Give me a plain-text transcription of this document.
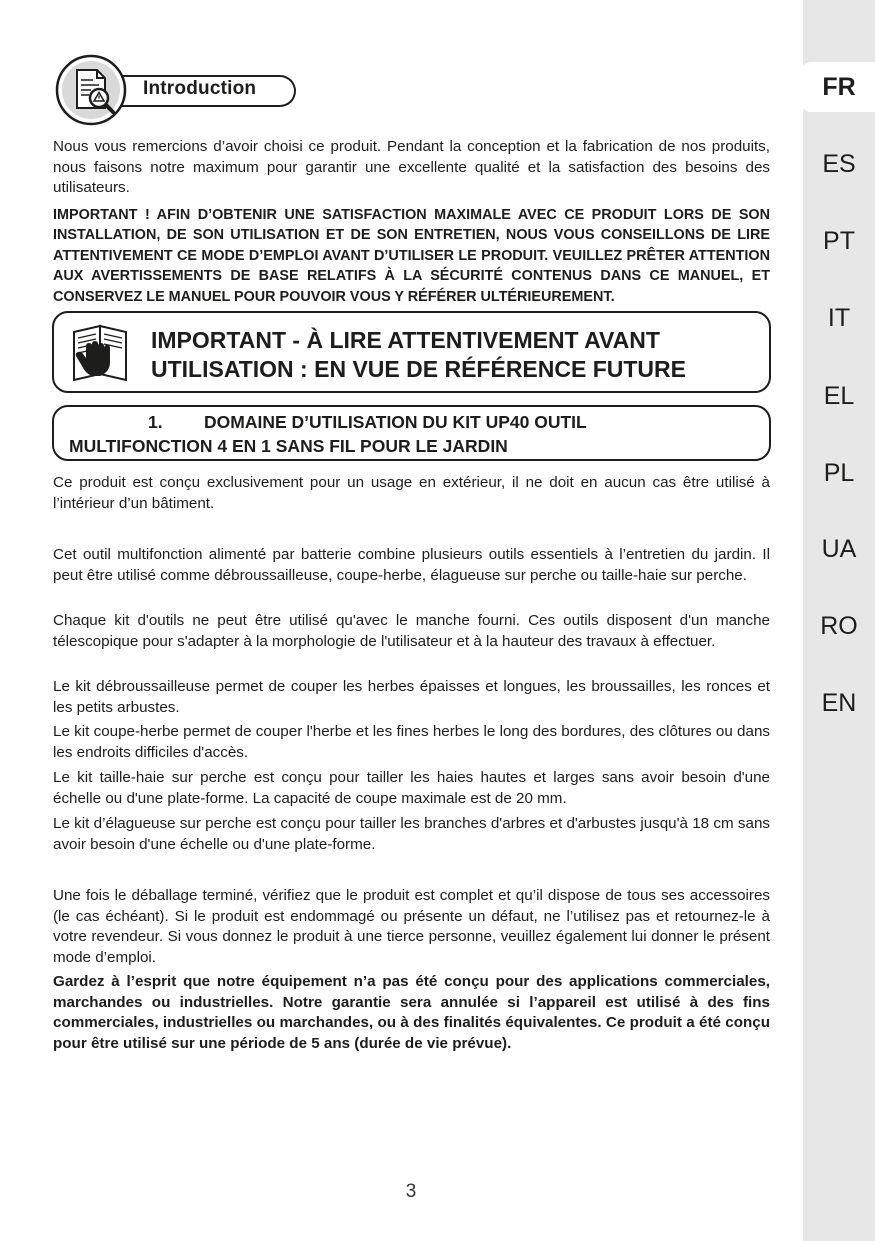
FR
ES
PT
IT
EL
PL
UA
RO
EN
Introduction

Nous vous remercions d’avoir choisi ce produit. Pendant la conception et la fabrication de nos produits, nous faisons notre maximum pour garantir une excellente qualité et la satisfaction des besoins des utilisateurs.

IMPORTANT ! AFIN D’OBTENIR UNE SATISFACTION MAXIMALE AVEC CE PRODUIT LORS DE SON INSTALLATION, DE SON UTILISATION ET DE SON ENTRETIEN, NOUS VOUS CONSEILLONS DE LIRE ATTENTIVEMENT CE MODE D’EMPLOI AVANT D’UTILISER LE PRODUIT. VEUILLEZ PRÊTER ATTENTION AUX AVERTISSEMENTS DE BASE RELATIFS À LA SÉCURITÉ CONTENUS DANS CE MANUEL, ET CONSERVEZ LE MANUEL POUR POUVOIR VOUS Y RÉFÉRER ULTÉRIEUREMENT.

IMPORTANT - À LIRE ATTENTIVEMENT AVANT
UTILISATION : EN VUE DE RÉFÉRENCE FUTURE
1. DOMAINE D’UTILISATION DU KIT UP40 OUTIL
MULTIFONCTION 4 EN 1 SANS FIL POUR LE JARDIN

Ce produit est conçu exclusivement pour un usage en extérieur, il ne doit en aucun cas être utilisé à l’intérieur d’un bâtiment.

Cet outil multifonction alimenté par batterie combine plusieurs outils essentiels à l’entretien du jardin. Il peut être utilisé comme débroussailleuse, coupe-herbe, élagueuse sur perche ou taille-haie sur perche.

Chaque kit d'outils ne peut être utilisé qu'avec le manche fourni. Ces outils disposent d'un manche télescopique pour s'adapter à la morphologie de l'utilisateur et à la hauteur des travaux à effectuer.

Le kit débroussailleuse permet de couper les herbes épaisses et longues, les broussailles, les ronces et les petits arbustes.

Le kit coupe-herbe permet de couper l'herbe et les fines herbes le long des bordures, des clôtures ou dans les endroits difficiles d'accès.

Le kit taille-haie sur perche est conçu pour tailler les haies hautes et larges sans avoir besoin d'une échelle ou d'une plate-forme. La capacité de coupe maximale est de 20 mm.

Le kit d’élagueuse sur perche est conçu pour tailler les branches d'arbres et d'arbustes jusqu'à 18 cm sans avoir besoin d'une échelle ou d'une plate-forme.

Une fois le déballage terminé, vérifiez que le produit est complet et qu’il dispose de tous ses accessoires (le cas échéant). Si le produit est endommagé ou présente un défaut, ne l’utilisez pas et retournez-le à votre revendeur. Si vous donnez le produit à une tierce personne, veuillez également lui donner le présent mode d’emploi.

Gardez à l’esprit que notre équipement n’a pas été conçu pour des applications commerciales, marchandes ou industrielles. Notre garantie sera annulée si l’appareil est utilisé à des fins commerciales, industrielles ou marchandes, ou à des finalités équivalentes. Ce produit a été conçu pour être utilisé sur une période de 5 ans (durée de vie prévue).

3
